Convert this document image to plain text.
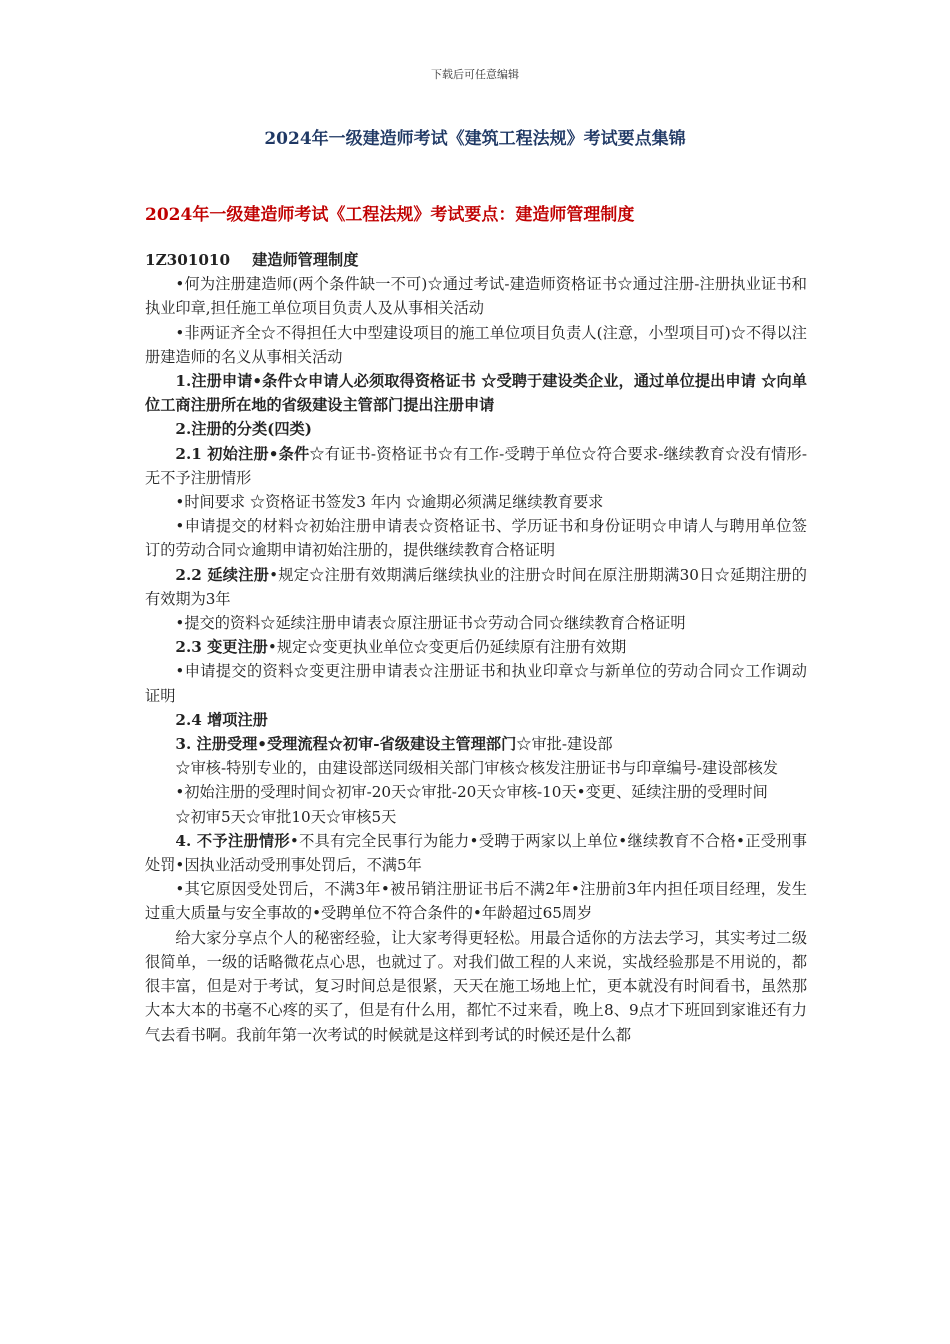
下载后可任意编辑
2024年一级建造师考试《建筑工程法规》考试要点集锦
2024年一级建造师考试《工程法规》考试要点：建造师管理制度

1Z301010 建造师管理制度

•何为注册建造师(两个条件缺一不可)☆通过考试-建造师资格证书☆通过注册-注册执业证书和执业印章,担任施工单位项目负责人及从事相关活动

•非两证齐全☆不得担任大中型建设项目的施工单位项目负责人(注意，小型项目可)☆不得以注册建造师的名义从事相关活动

1.注册申请•条件☆申请人必须取得资格证书 ☆受聘于建设类企业，通过单位提出申请 ☆向单位工商注册所在地的省级建设主管部门提出注册申请

2.注册的分类(四类)

2.1 初始注册•条件☆有证书-资格证书☆有工作-受聘于单位☆符合要求-继续教育☆没有情形-无不予注册情形

•时间要求 ☆资格证书签发3 年内 ☆逾期必须满足继续教育要求

•申请提交的材料☆初始注册申请表☆资格证书、学历证书和身份证明☆申请人与聘用单位签订的劳动合同☆逾期申请初始注册的，提供继续教育合格证明

2.2 延续注册•规定☆注册有效期满后继续执业的注册☆时间在原注册期满30日☆延期注册的有效期为3年

•提交的资料☆延续注册申请表☆原注册证书☆劳动合同☆继续教育合格证明

2.3 变更注册•规定☆变更执业单位☆变更后仍延续原有注册有效期

•申请提交的资料☆变更注册申请表☆注册证书和执业印章☆与新单位的劳动合同☆工作调动证明

2.4 增项注册

3. 注册受理•受理流程☆初审-省级建设主管理部门☆审批-建设部

☆审核-特别专业的，由建设部送同级相关部门审核☆核发注册证书与印章编号-建设部核发

•初始注册的受理时间☆初审-20天☆审批-20天☆审核-10天•变更、延续注册的受理时间

☆初审5天☆审批10天☆审核5天

4. 不予注册情形•不具有完全民事行为能力•受聘于两家以上单位•继续教育不合格•正受刑事处罚•因执业活动受刑事处罚后，不满5年

•其它原因受处罚后，不满3年•被吊销注册证书后不满2年•注册前3年内担任项目经理，发生过重大质量与安全事故的•受聘单位不符合条件的•年龄超过65周岁

给大家分享点个人的秘密经验，让大家考得更轻松。用最合适你的方法去学习，其实考过二级很简单，一级的话略微花点心思，也就过了。对我们做工程的人来说，实战经验那是不用说的，都很丰富，但是对于考试，复习时间总是很紧，天天在施工场地上忙，更本就没有时间看书，虽然那大本大本的书毫不心疼的买了，但是有什么用，都忙不过来看，晚上8、9点才下班回到家谁还有力气去看书啊。我前年第一次考试的时候就是这样到考试的时候还是什么都
